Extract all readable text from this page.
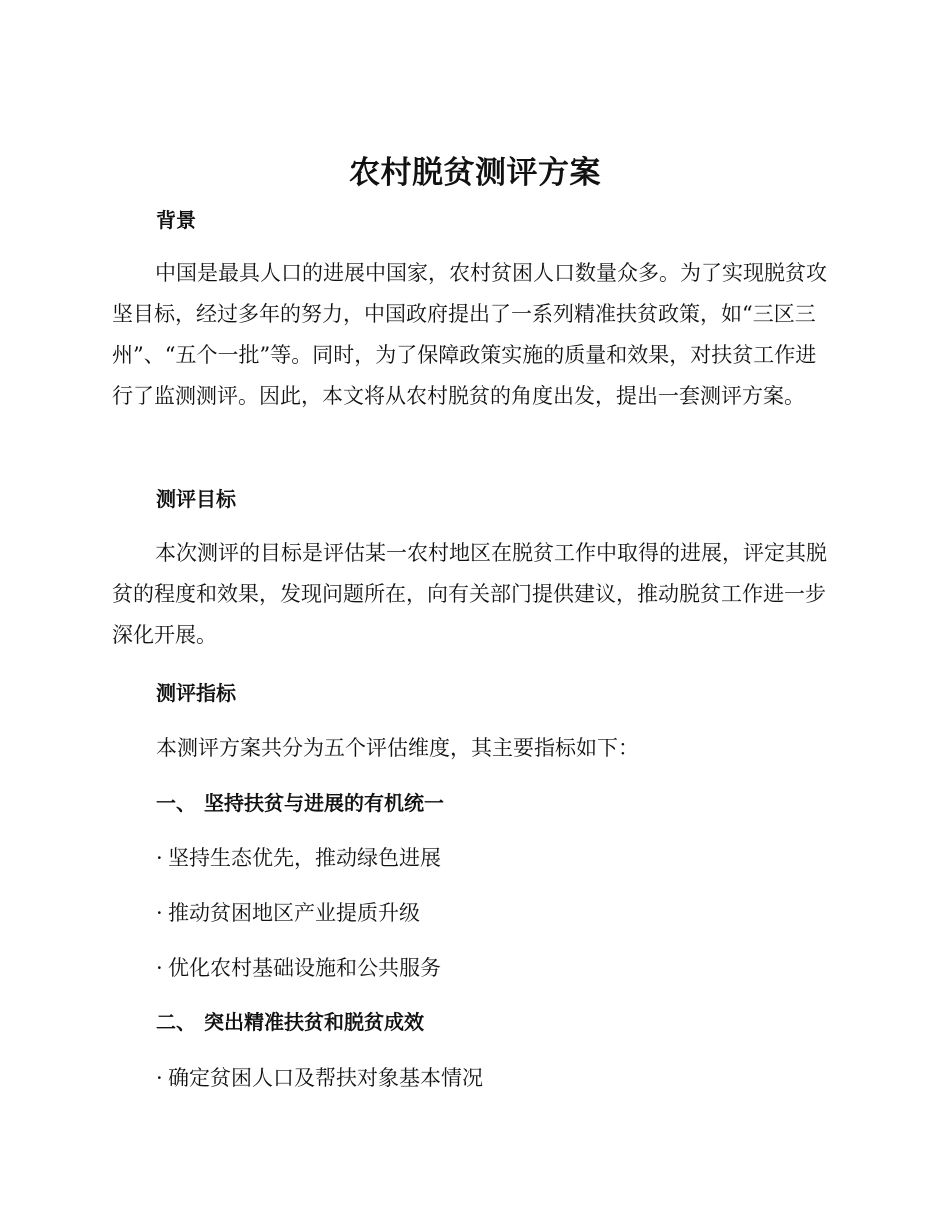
农村脱贫测评方案
背景

中国是最具人口的进展中国家，农村贫困人口数量众多。为了实现脱贫攻坚目标，经过多年的努力，中国政府提出了一系列精准扶贫政策，如“三区三州”、“五个一批”等。同时，为了保障政策实施的质量和效果，对扶贫工作进行了监测测评。因此，本文将从农村脱贫的角度出发，提出一套测评方案。

测评目标

本次测评的目标是评估某一农村地区在脱贫工作中取得的进展，评定其脱贫的程度和效果，发现问题所在，向有关部门提供建议，推动脱贫工作进一步深化开展。

测评指标
本测评方案共分为五个评估维度，其主要指标如下：
一、 坚持扶贫与进展的有机统一
· 坚持生态优先，推动绿色进展
· 推动贫困地区产业提质升级
· 优化农村基础设施和公共服务
二、 突出精准扶贫和脱贫成效
· 确定贫困人口及帮扶对象基本情况
